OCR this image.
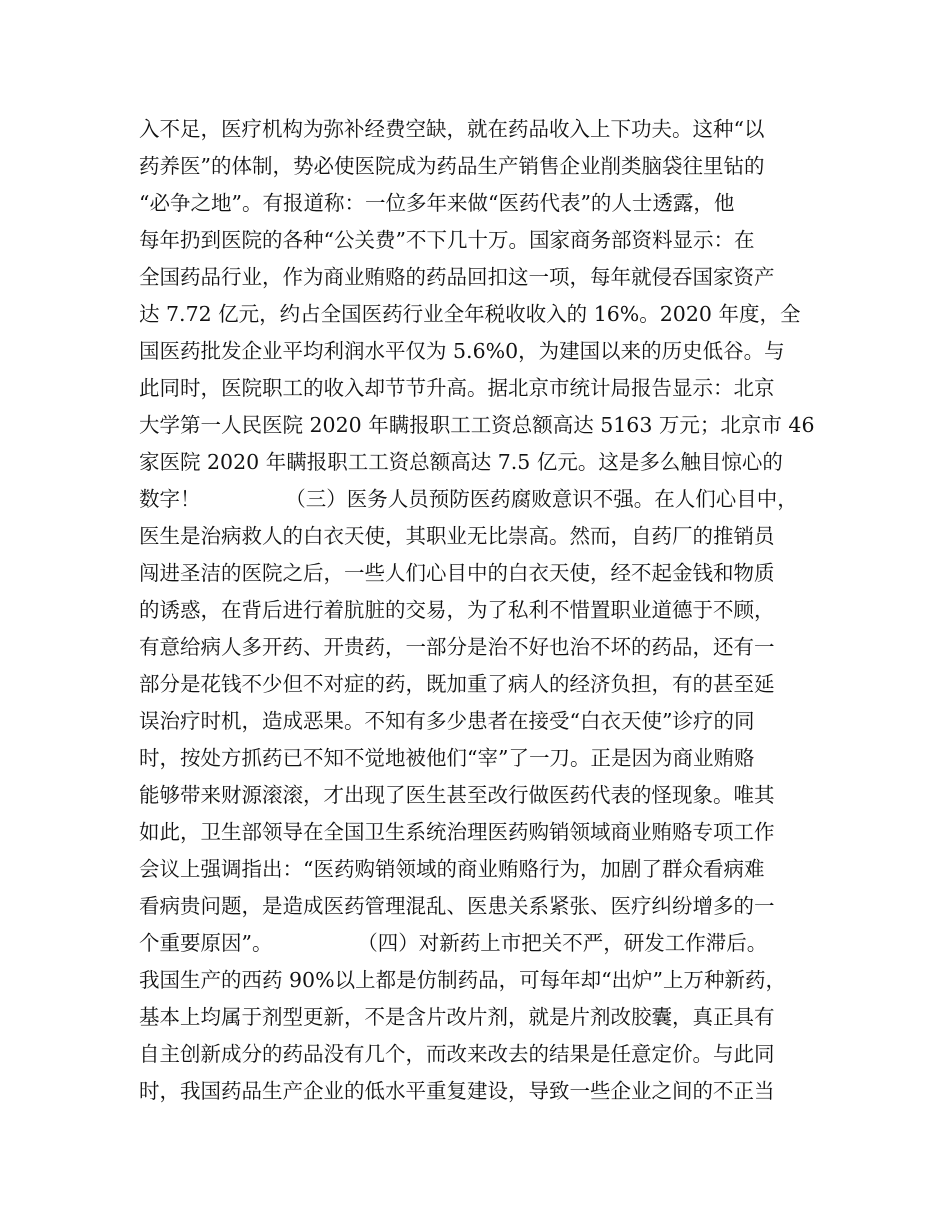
入不足，医疗机构为弥补经费空缺，就在药品收入上下功夫。这种“以
药养医”的体制，势必使医院成为药品生产销售企业削类脑袋往里钻的
“必争之地”。有报道称：一位多年来做“医药代表”的人士透露，他
每年扔到医院的各种“公关费”不下几十万。国家商务部资料显示：在
全国药品行业，作为商业贿赂的药品回扣这一项，每年就侵吞国家资产
达 7.72 亿元，约占全国医药行业全年税收收入的 16%。2020 年度，全
国医药批发企业平均利润水平仅为 5.6%0，为建国以来的历史低谷。与
此同时，医院职工的收入却节节升高。据北京市统计局报告显示：北京
大学第一人民医院 2020 年瞒报职工工资总额高达 5163 万元；北京市 46
家医院 2020 年瞒报职工工资总额高达 7.5 亿元。这是多么触目惊心的
数字！             （三）医务人员预防医药腐败意识不强。在人们心目中，
医生是治病救人的白衣天使，其职业无比崇高。然而，自药厂的推销员
闯进圣洁的医院之后，一些人们心目中的白衣天使，经不起金钱和物质
的诱惑，在背后进行着肮脏的交易，为了私利不惜置职业道德于不顾，
有意给病人多开药、开贵药，一部分是治不好也治不坏的药品，还有一
部分是花钱不少但不对症的药，既加重了病人的经济负担，有的甚至延
误治疗时机，造成恶果。不知有多少患者在接受“白衣天使”诊疗的同
时，按处方抓药已不知不觉地被他们“宰”了一刀。正是因为商业贿赂
能够带来财源滚滚，才出现了医生甚至改行做医药代表的怪现象。唯其
如此，卫生部领导在全国卫生系统治理医药购销领域商业贿赂专项工作
会议上强调指出：“医药购销领域的商业贿赂行为，加剧了群众看病难
看病贵问题，是造成医药管理混乱、医患关系紧张、医疗纠纷增多的一
个重要原因”。             （四）对新药上市把关不严，研发工作滞后。
我国生产的西药 90%以上都是仿制药品，可每年却“出炉”上万种新药，
基本上均属于剂型更新，不是含片改片剂，就是片剂改胶囊，真正具有
自主创新成分的药品没有几个，而改来改去的结果是任意定价。与此同
时，我国药品生产企业的低水平重复建设，导致一些企业之间的不正当
